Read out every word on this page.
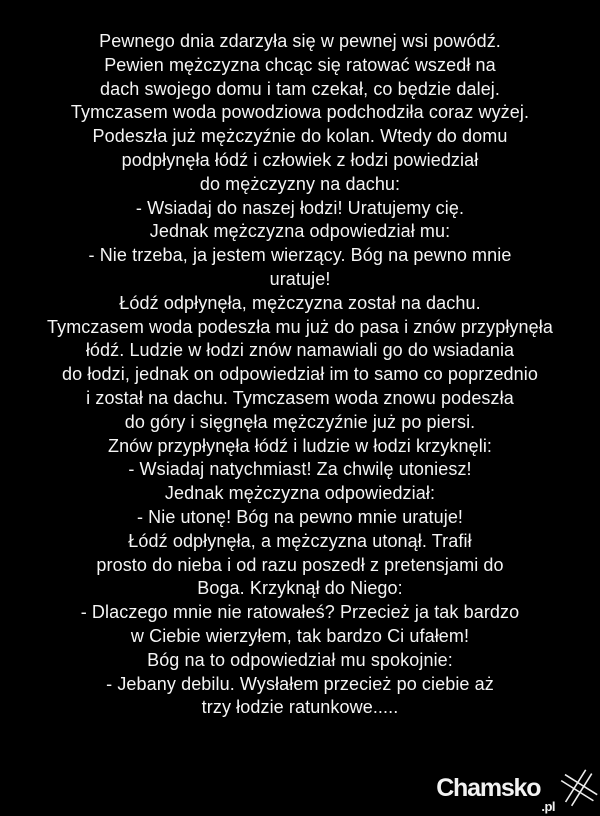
Pewnego dnia zdarzyła się w pewnej wsi powódź.
Pewien mężczyzna chcąc się ratować wszedł na
dach swojego domu i tam czekał, co będzie dalej.
Tymczasem woda powodziowa podchodziła coraz wyżej.
Podeszła już mężczyźnie do kolan. Wtedy do domu
podpłynęła łódź i człowiek z łodzi powiedział
do mężczyzny na dachu:
- Wsiadaj do naszej łodzi! Uratujemy cię.
Jednak mężczyzna odpowiedział mu:
- Nie trzeba, ja jestem wierzący. Bóg na pewno mnie
uratuje!
Łódź odpłynęła, mężczyzna został na dachu.
Tymczasem woda podeszła mu już do pasa i znów przypłynęła
łódź. Ludzie w łodzi znów namawiali go do wsiadania
do łodzi, jednak on odpowiedział im to samo co poprzednio
i został na dachu. Tymczasem woda znowu podeszła
do góry i sięgnęła mężczyźnie już po piersi.
Znów przypłynęła łódź i ludzie w łodzi krzyknęli:
- Wsiadaj natychmiast! Za chwilę utoniesz!
Jednak mężczyzna odpowiedział:
- Nie utonę! Bóg na pewno mnie uratuje!
Łódź odpłynęła, a mężczyzna utonął. Trafił
prosto do nieba i od razu poszedł z pretensjami do
Boga. Krzyknął do Niego:
- Dlaczego mnie nie ratowałeś? Przecież ja tak bardzo
w Ciebie wierzyłem, tak bardzo Ci ufałem!
Bóg na to odpowiedział mu spokojnie:
- Jebany debilu. Wysłałem przecież po ciebie aż
trzy łodzie ratunkowe.....
Chamsko
.pl
